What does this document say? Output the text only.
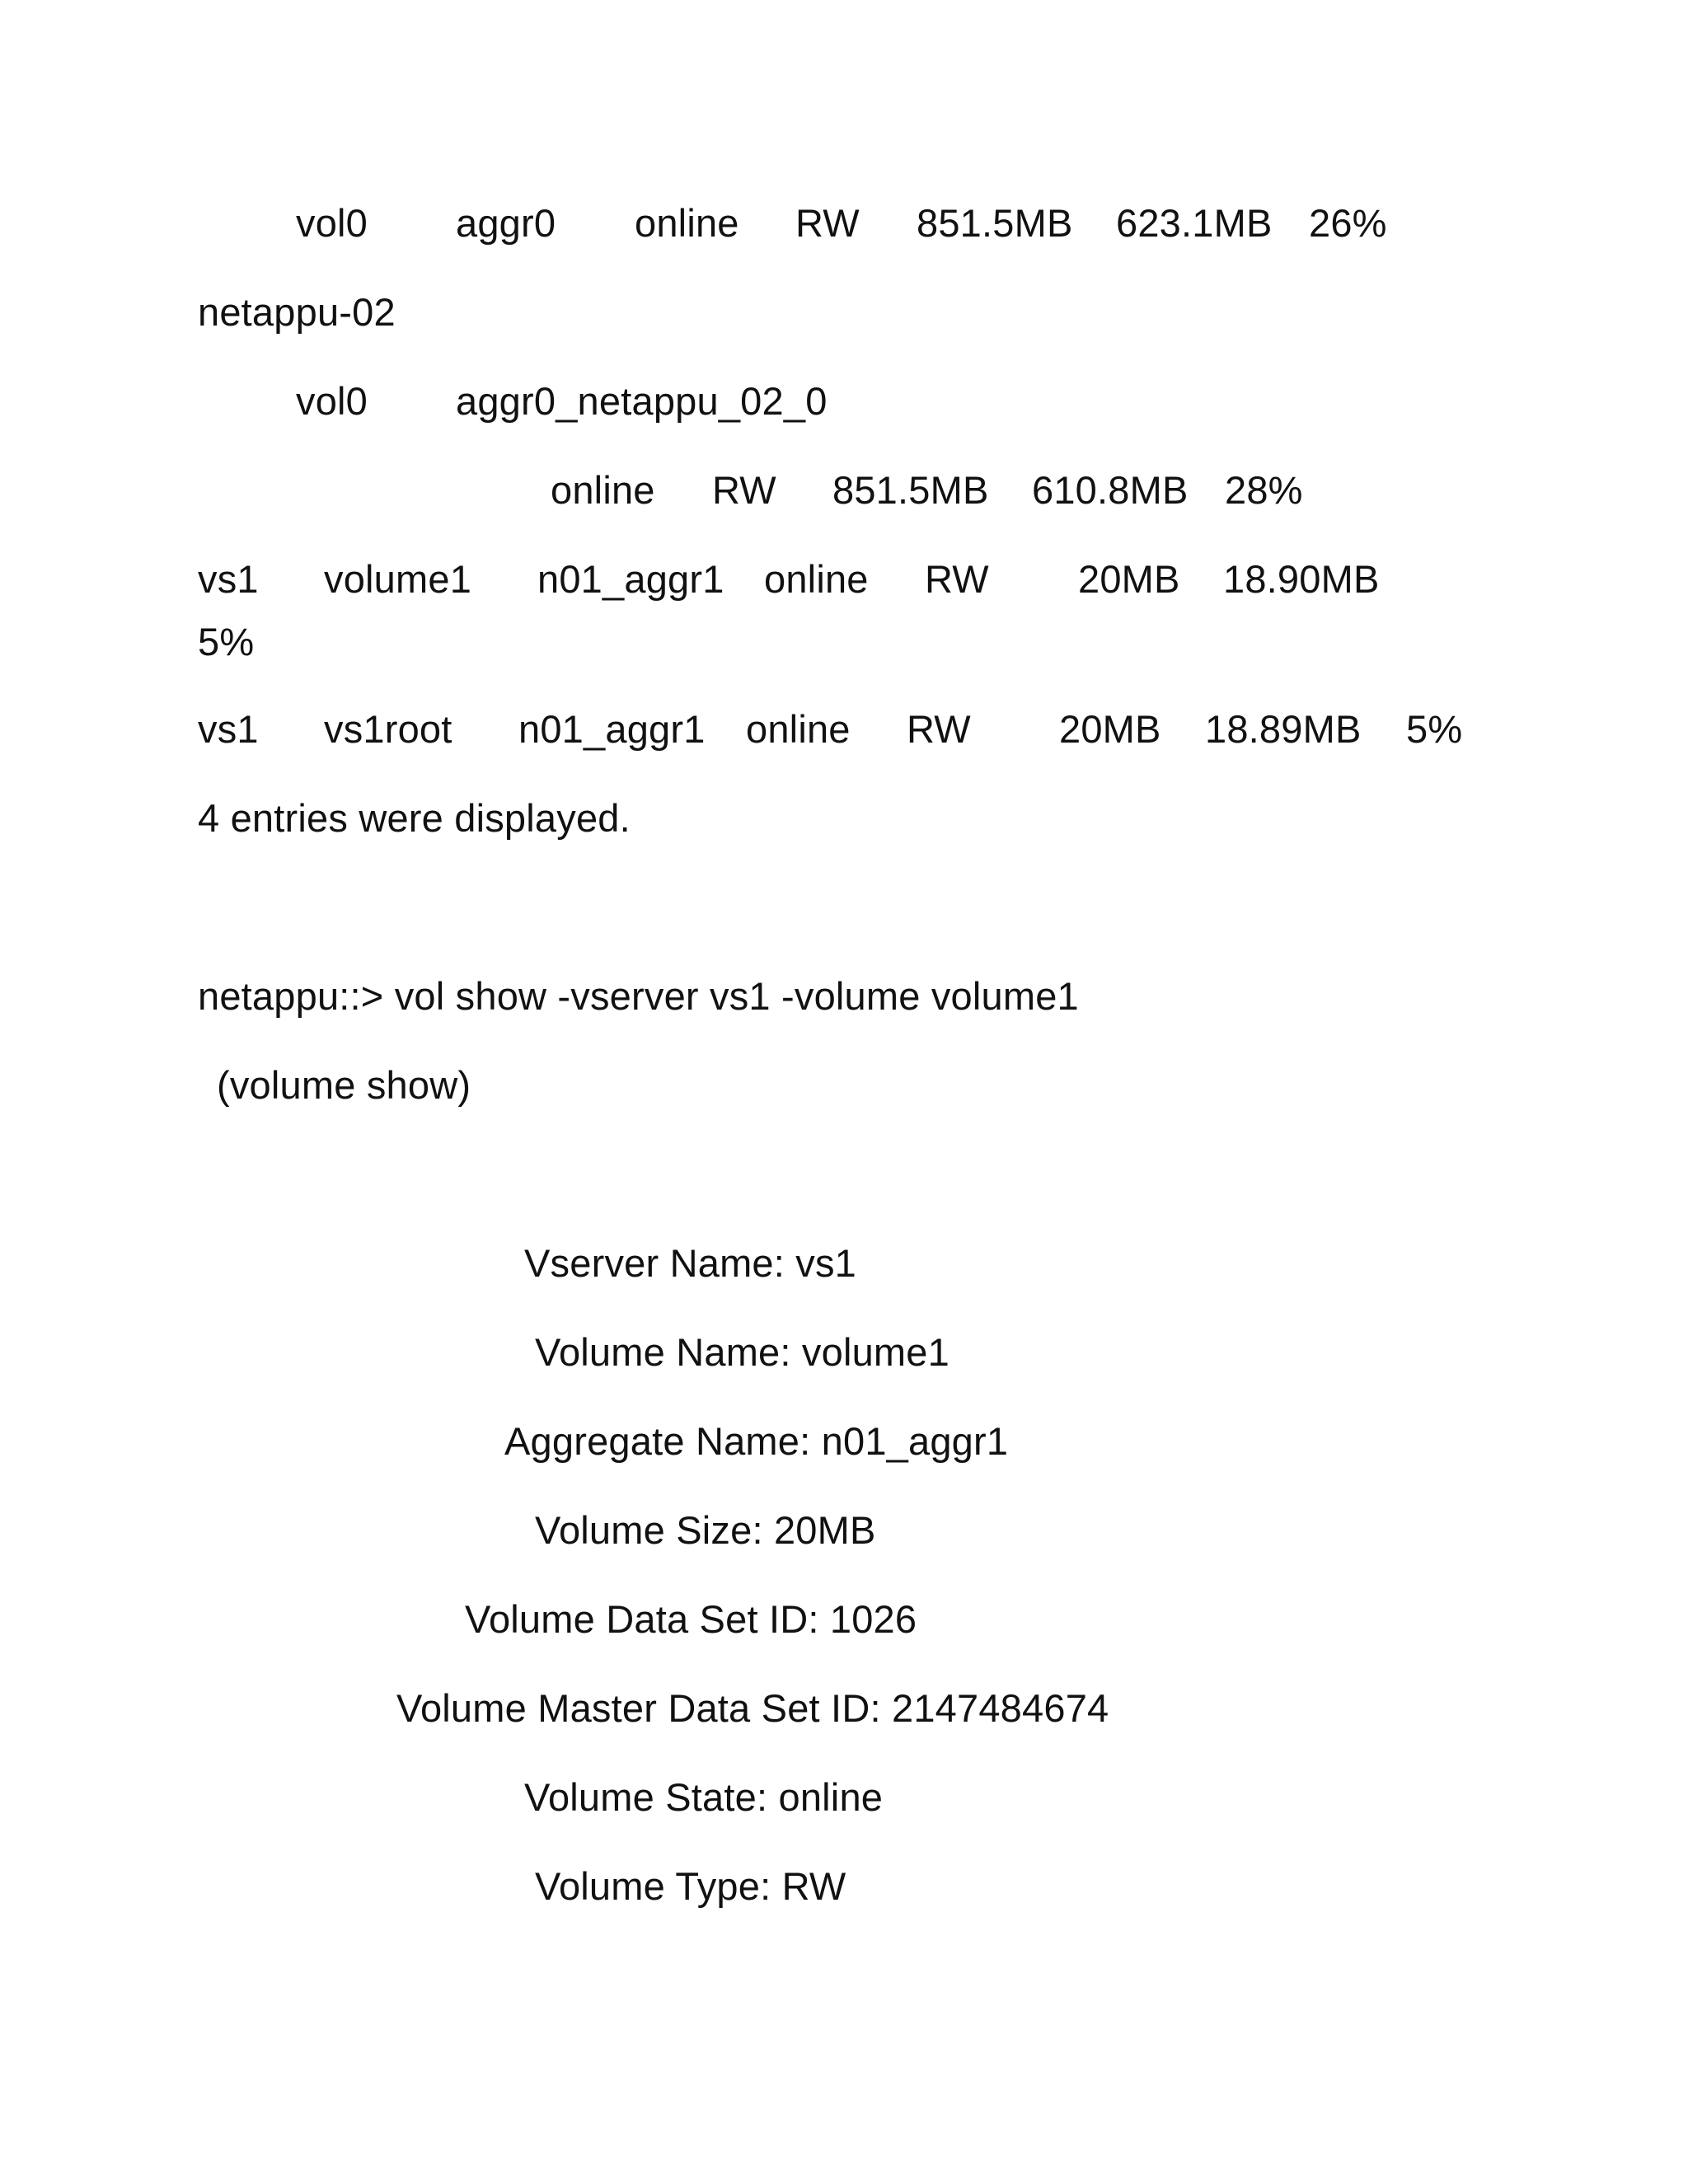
vol0 aggr0 online RW 851.5MB 623.1MB 26%
netappu-02
vol0 aggr0_netappu_02_0
online RW 851.5MB 610.8MB 28%
vs1 volume1 n01_aggr1 online RW 20MB 18.90MB
5%
vs1 vs1root n01_aggr1 online RW 20MB 18.89MB 5%
4 entries were displayed.
netappu::> vol show -vserver vs1 -volume volume1
(volume show)
Vserver Name: vs1
Volume Name: volume1
Aggregate Name: n01_aggr1
Volume Size: 20MB
Volume Data Set ID: 1026
Volume Master Data Set ID: 2147484674
Volume State: online
Volume Type: RW
